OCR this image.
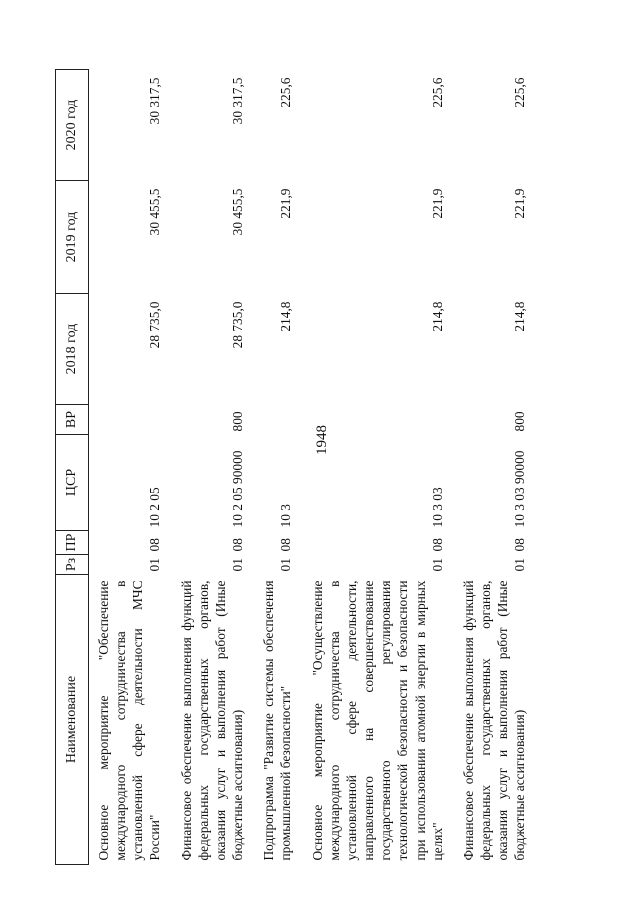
1948
Наименование	Рз	ПР	ЦСР	ВР	2018 год	2019 год	2020 год
Основное мероприятие "Обеспечение международного сотрудничества в установленной сфере деятельности МЧС России"	01	08	10 2 05		28 735,0	30 455,5	30 317,5
Финансовое обеспечение выполнения функций федеральных государственных органов, оказания услуг и выполнения работ (Иные бюджетные ассигнования)	01	08	10 2 05 90000	800	28 735,0	30 455,5	30 317,5
Подпрограмма "Развитие системы обеспечения промышленной безопасности"	01	08	10 3		214,8	221,9	225,6
Основное мероприятие "Осуществление международного сотрудничества в установленной сфере деятельности, направленного на совершенствование государственного регулирования технологической безопасности и безопасности при использовании атомной энергии в мирных целях"	01	08	10 3 03		214,8	221,9	225,6
Финансовое обеспечение выполнения функций федеральных государственных органов, оказания услуг и выполнения работ (Иные бюджетные ассигнования)	01	08	10 3 03 90000	800	214,8	221,9	225,6
